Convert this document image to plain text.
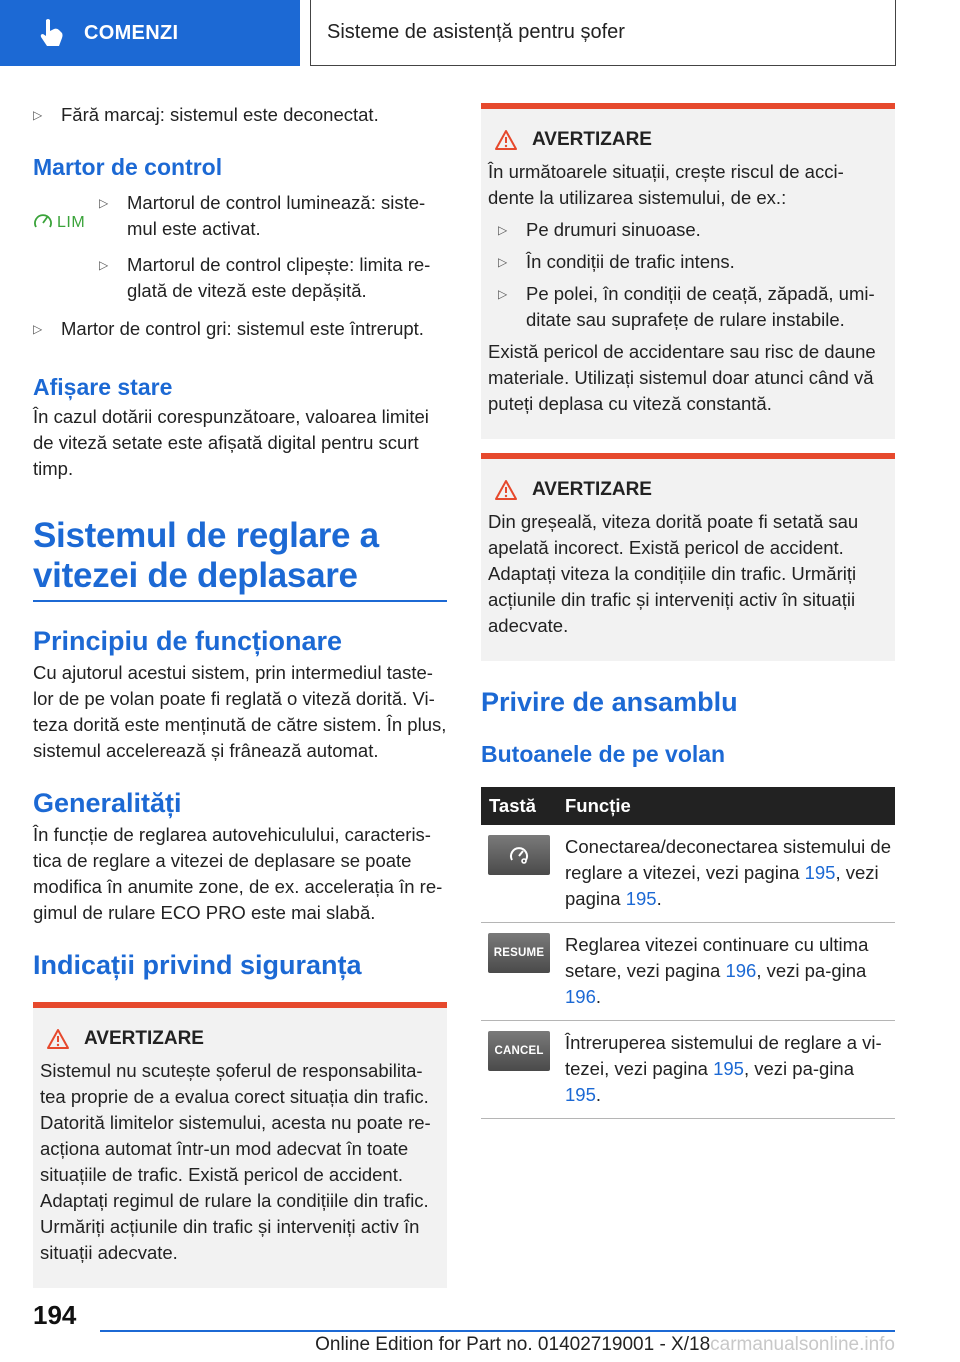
COMENZI	Sisteme de asistență pentru șofer
▷	Fără marcaj: sistemul este deconectat.
Martor de control
LIM
▷	Martorul de control luminează: siste-
mul este activat.
▷	Martorul de control clipește: limita re-
glată de viteză este depășită.
▷	Martor de control gri: sistemul este întrerupt.
Afișare stare
În cazul dotării corespunzătoare, valoarea limitei de viteză setate este afișată digital pentru scurt timp.
Sistemul de reglare a vitezei de deplasare
Principiu de funcționare
Cu ajutorul acestui sistem, prin intermediul taste-lor de pe volan poate fi reglată o viteză dorită. Vi-teza dorită este menținută de către sistem. În plus, sistemul accelerează și frânează automat.
Generalități
În funcție de reglarea autovehiculului, caracteris-tica de reglare a vitezei de deplasare se poate modifica în anumite zone, de ex. accelerația în re-gimul de rulare ECO PRO este mai slabă.
Indicații privind siguranța
AVERTIZARE
Sistemul nu scutește șoferul de responsabilita-tea proprie de a evalua corect situația din trafic. Datorită limitelor sistemului, acesta nu poate re-acționa automat într-un mod adecvat în toate situațiile de trafic. Există pericol de accident. Adaptați regimul de rulare la condițiile din trafic. Urmăriți acțiunile din trafic și interveniți activ în situații adecvate.
AVERTIZARE
În următoarele situații, crește riscul de acci-dente la utilizarea sistemului, de ex.:
▷	Pe drumuri sinuoase.
▷	În condiții de trafic intens.
▷	Pe polei, în condiții de ceață, zăpadă, umi-ditate sau suprafețe de rulare instabile.
Există pericol de accidentare sau risc de daune materiale. Utilizați sistemul doar atunci când vă puteți deplasa cu viteză constantă.
AVERTIZARE
Din greșeală, viteza dorită poate fi setată sau apelată incorect. Există pericol de accident. Adaptați viteza la condițiile din trafic. Urmăriți acțiunile din trafic și interveniți activ în situații adecvate.
Privire de ansamblu
Butoanele de pe volan
Tastă	Funcție

	Conectarea/deconectarea sistemului de reglare a vitezei, vezi pagina 195, vezi pagina 195.

RESUME	Reglarea vitezei continuare cu ultima setare, vezi pagina 196, vezi pa-gina 196.

CANCEL	Întreruperea sistemului de reglare a vi-tezei, vezi pagina 195, vezi pa-gina 195.
194
Online Edition for Part no. 01402719001 - X/18carmanualsonline.info
